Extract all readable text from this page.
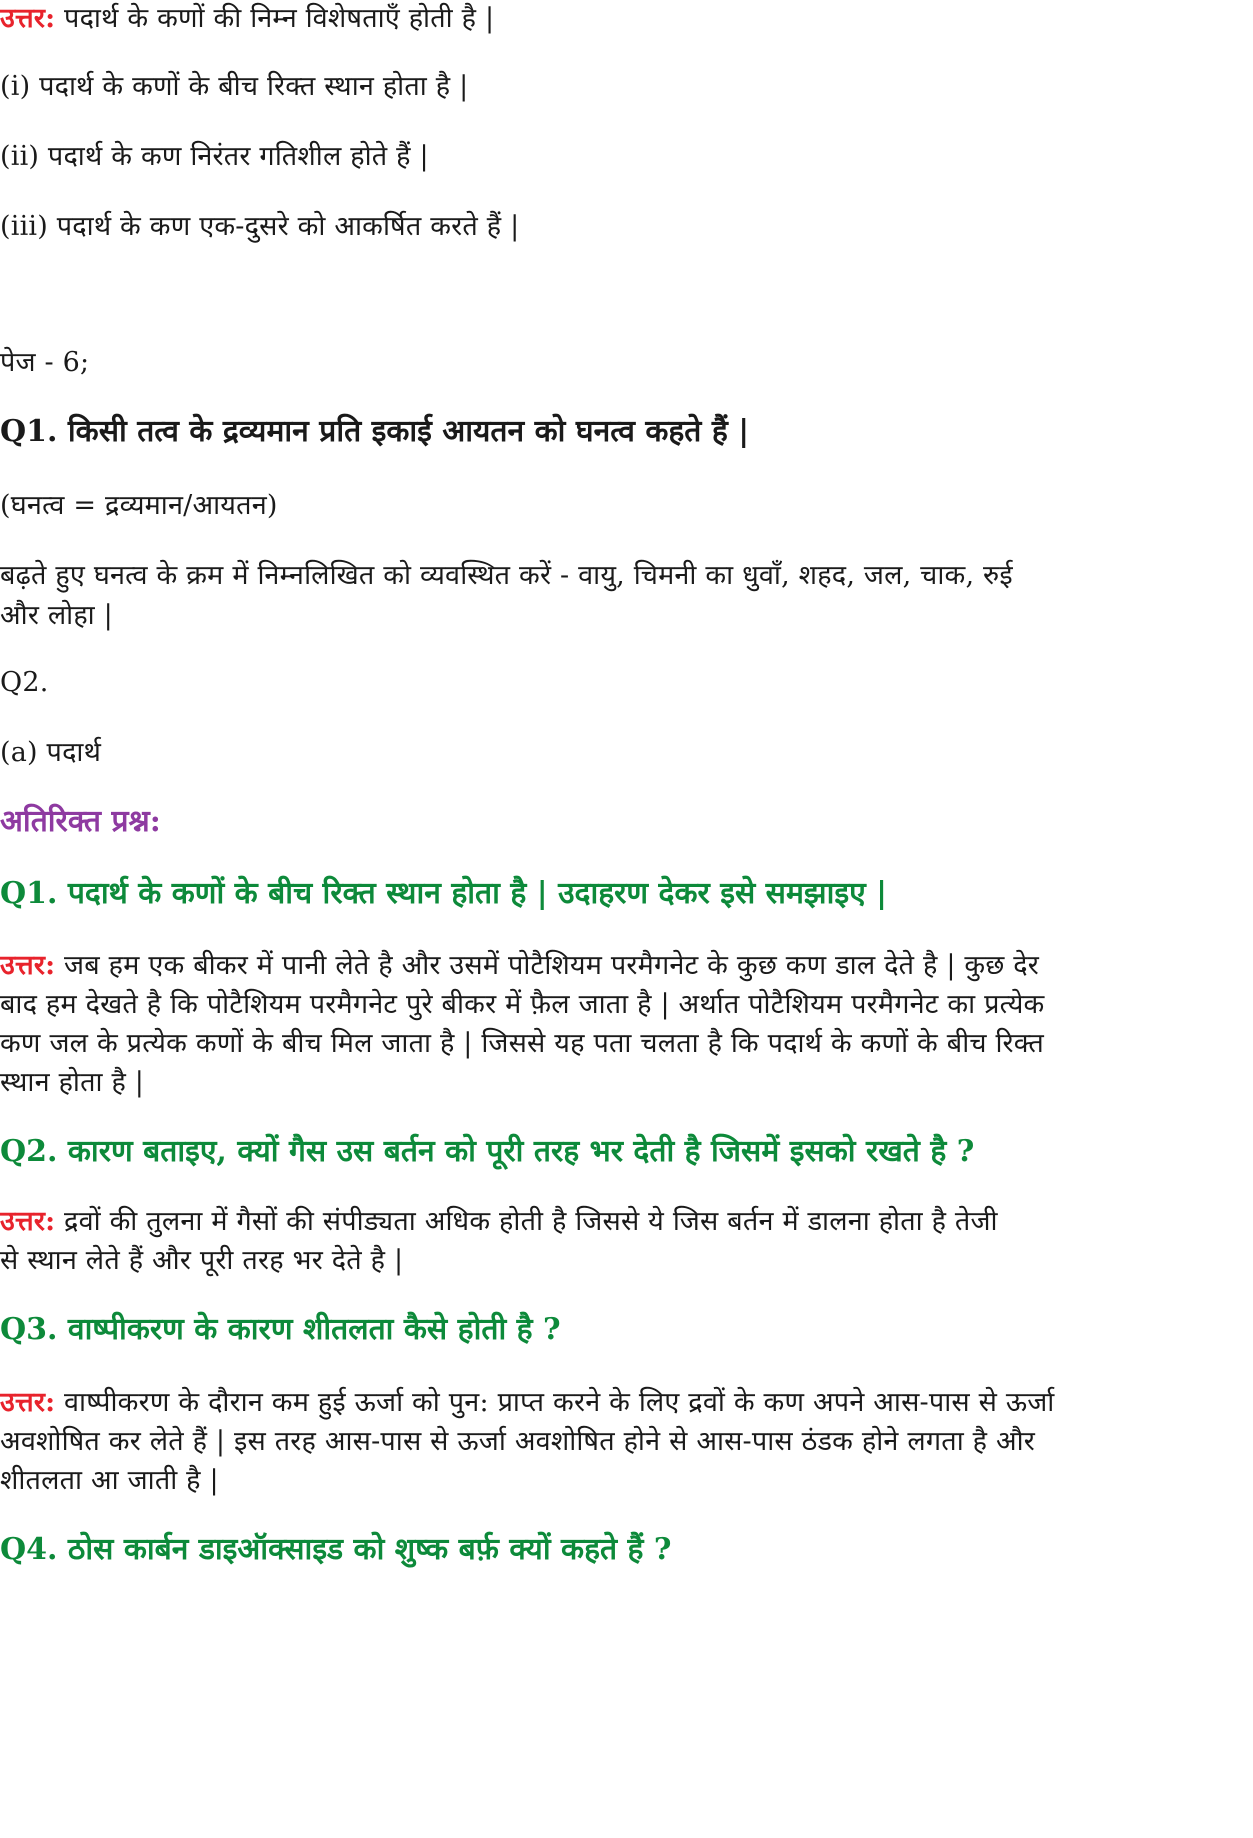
उत्तर: पदार्थ के कणों की निम्न विशेषताएँ होती है |

(i) पदार्थ के कणों के बीच रिक्त स्थान होता है |

(ii) पदार्थ के कण निरंतर गतिशील होते हैं |

(iii) पदार्थ के कण एक-दुसरे को आकर्षित करते हैं |

पेज - 6;

Q1. किसी तत्व के द्रव्यमान प्रति इकाई आयतन को घनत्व कहते हैं |

(घनत्व = द्रव्यमान/आयतन)

बढ़ते हुए घनत्व के क्रम में निम्नलिखित को व्यवस्थित करें - वायु, चिमनी का धुवाँ, शहद, जल, चाक, रुई

और लोहा |

Q2.

(a) पदार्थ

अतिरिक्त प्रश्न:

Q1. पदार्थ के कणों के बीच रिक्त स्थान होता है | उदाहरण देकर इसे समझाइए |

उत्तर: जब हम एक बीकर में पानी लेते है और उसमें पोटैशियम परमैगनेट के कुछ कण डाल देते है | कुछ देर

बाद हम देखते है कि पोटैशियम परमैगनेट पुरे बीकर में फ़ैल जाता है | अर्थात पोटैशियम परमैगनेट का प्रत्येक

कण जल के प्रत्येक कणों के बीच मिल जाता है | जिससे यह पता चलता है कि पदार्थ के कणों के बीच रिक्त

स्थान होता है |

Q2. कारण बताइए, क्यों गैस उस बर्तन को पूरी तरह भर देती है जिसमें इसको रखते है ?

उत्तर: द्रवों की तुलना में गैसों की संपीड्यता अधिक होती है जिससे ये जिस बर्तन में डालना होता है तेजी

से स्थान लेते हैं और पूरी तरह भर देते है |

Q3. वाष्पीकरण के कारण शीतलता कैसे होती है ?

उत्तर: वाष्पीकरण के दौरान कम हुई ऊर्जा को पुन: प्राप्त करने के लिए द्रवों के कण अपने आस-पास से ऊर्जा

अवशोषित कर लेते हैं | इस तरह आस-पास से ऊर्जा अवशोषित होने से आस-पास ठंडक होने लगता है और

शीतलता आ जाती है |

Q4. ठोस कार्बन डाइऑक्साइड को शुष्क बर्फ़ क्यों कहते हैं ?
